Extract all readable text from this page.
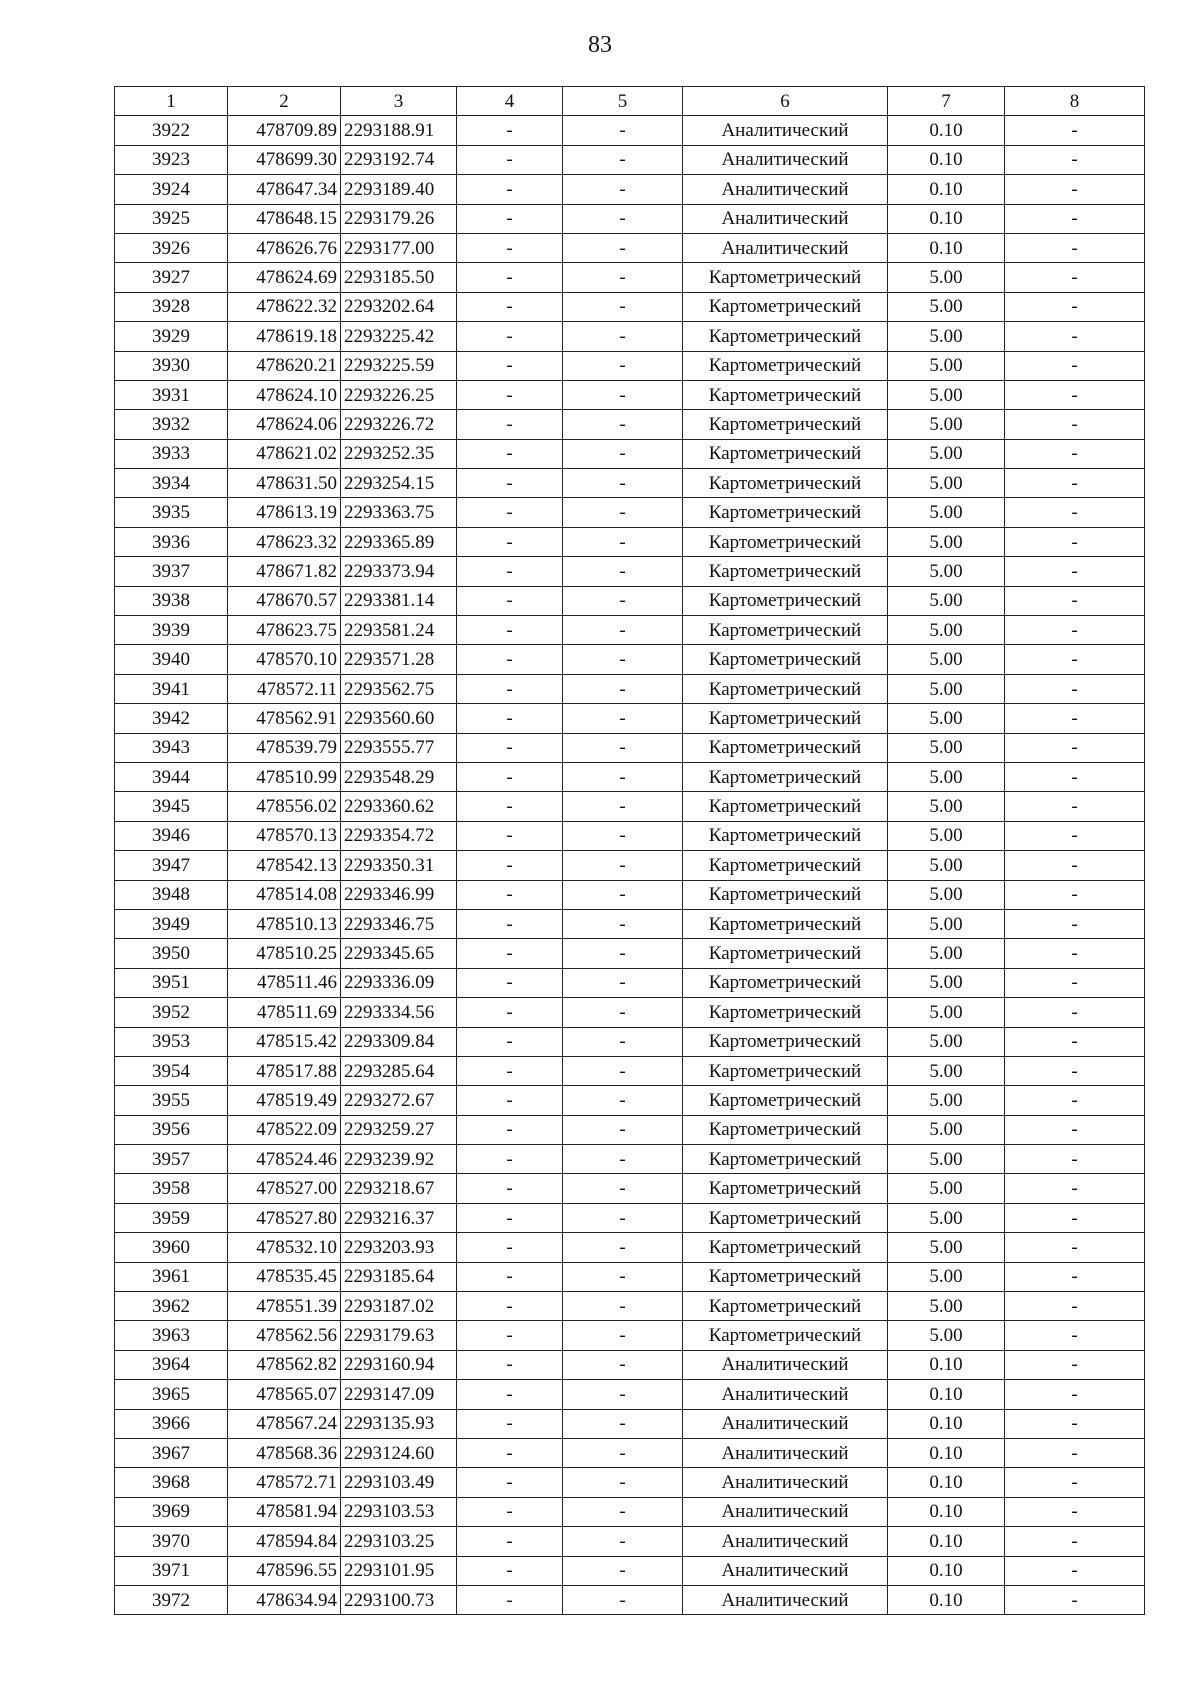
83
1	2	3	4	5	6	7	8
3922	478709.89	2293188.91	-	-	Аналитический	0.10	-
3923	478699.30	2293192.74	-	-	Аналитический	0.10	-
3924	478647.34	2293189.40	-	-	Аналитический	0.10	-
3925	478648.15	2293179.26	-	-	Аналитический	0.10	-
3926	478626.76	2293177.00	-	-	Аналитический	0.10	-
3927	478624.69	2293185.50	-	-	Картометрический	5.00	-
3928	478622.32	2293202.64	-	-	Картометрический	5.00	-
3929	478619.18	2293225.42	-	-	Картометрический	5.00	-
3930	478620.21	2293225.59	-	-	Картометрический	5.00	-
3931	478624.10	2293226.25	-	-	Картометрический	5.00	-
3932	478624.06	2293226.72	-	-	Картометрический	5.00	-
3933	478621.02	2293252.35	-	-	Картометрический	5.00	-
3934	478631.50	2293254.15	-	-	Картометрический	5.00	-
3935	478613.19	2293363.75	-	-	Картометрический	5.00	-
3936	478623.32	2293365.89	-	-	Картометрический	5.00	-
3937	478671.82	2293373.94	-	-	Картометрический	5.00	-
3938	478670.57	2293381.14	-	-	Картометрический	5.00	-
3939	478623.75	2293581.24	-	-	Картометрический	5.00	-
3940	478570.10	2293571.28	-	-	Картометрический	5.00	-
3941	478572.11	2293562.75	-	-	Картометрический	5.00	-
3942	478562.91	2293560.60	-	-	Картометрический	5.00	-
3943	478539.79	2293555.77	-	-	Картометрический	5.00	-
3944	478510.99	2293548.29	-	-	Картометрический	5.00	-
3945	478556.02	2293360.62	-	-	Картометрический	5.00	-
3946	478570.13	2293354.72	-	-	Картометрический	5.00	-
3947	478542.13	2293350.31	-	-	Картометрический	5.00	-
3948	478514.08	2293346.99	-	-	Картометрический	5.00	-
3949	478510.13	2293346.75	-	-	Картометрический	5.00	-
3950	478510.25	2293345.65	-	-	Картометрический	5.00	-
3951	478511.46	2293336.09	-	-	Картометрический	5.00	-
3952	478511.69	2293334.56	-	-	Картометрический	5.00	-
3953	478515.42	2293309.84	-	-	Картометрический	5.00	-
3954	478517.88	2293285.64	-	-	Картометрический	5.00	-
3955	478519.49	2293272.67	-	-	Картометрический	5.00	-
3956	478522.09	2293259.27	-	-	Картометрический	5.00	-
3957	478524.46	2293239.92	-	-	Картометрический	5.00	-
3958	478527.00	2293218.67	-	-	Картометрический	5.00	-
3959	478527.80	2293216.37	-	-	Картометрический	5.00	-
3960	478532.10	2293203.93	-	-	Картометрический	5.00	-
3961	478535.45	2293185.64	-	-	Картометрический	5.00	-
3962	478551.39	2293187.02	-	-	Картометрический	5.00	-
3963	478562.56	2293179.63	-	-	Картометрический	5.00	-
3964	478562.82	2293160.94	-	-	Аналитический	0.10	-
3965	478565.07	2293147.09	-	-	Аналитический	0.10	-
3966	478567.24	2293135.93	-	-	Аналитический	0.10	-
3967	478568.36	2293124.60	-	-	Аналитический	0.10	-
3968	478572.71	2293103.49	-	-	Аналитический	0.10	-
3969	478581.94	2293103.53	-	-	Аналитический	0.10	-
3970	478594.84	2293103.25	-	-	Аналитический	0.10	-
3971	478596.55	2293101.95	-	-	Аналитический	0.10	-
3972	478634.94	2293100.73	-	-	Аналитический	0.10	-
